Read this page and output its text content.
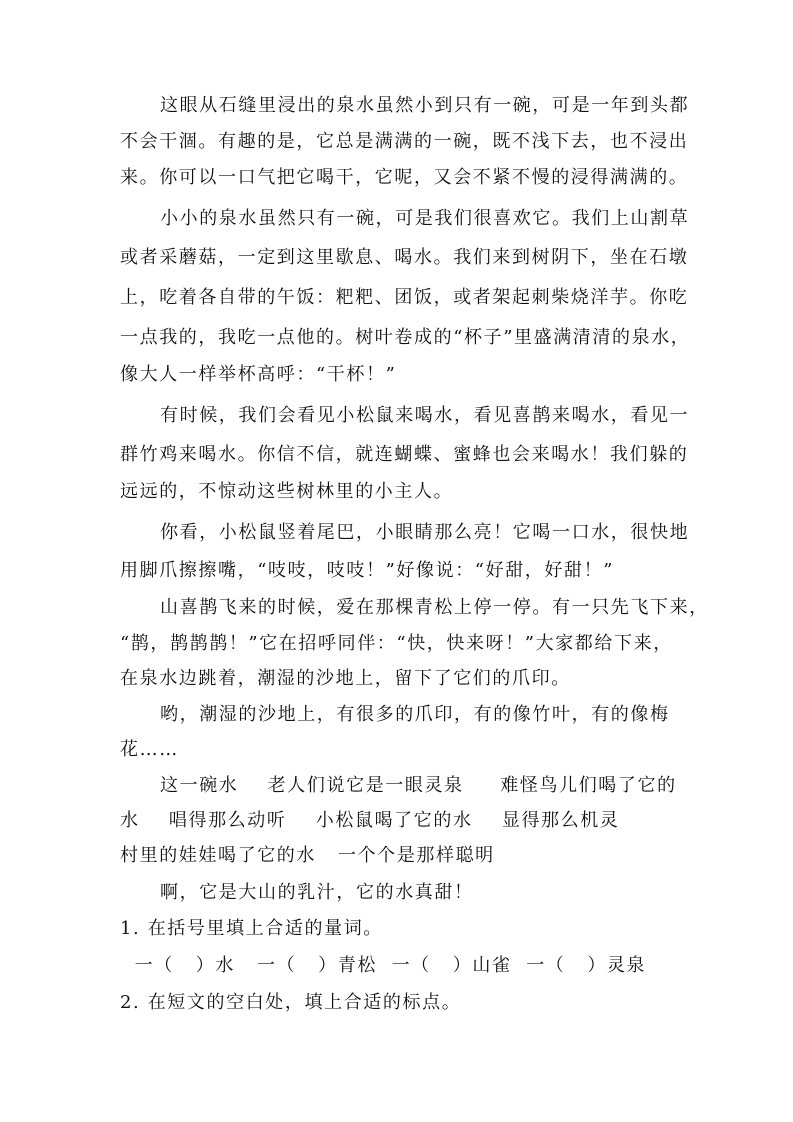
这眼从石缝里浸出的泉水虽然小到只有一碗，可是一年到头都
不会干涸。有趣的是，它总是满满的一碗，既不浅下去，也不浸出
来。你可以一口气把它喝干，它呢，又会不紧不慢的浸得满满的。
小小的泉水虽然只有一碗，可是我们很喜欢它。我们上山割草
或者采蘑菇，一定到这里歇息、喝水。我们来到树阴下，坐在石墩
上，吃着各自带的午饭：粑粑、团饭，或者架起刺柴烧洋芋。你吃
一点我的，我吃一点他的。树叶卷成的“杯子”里盛满清清的泉水，
像大人一样举杯高呼：“干杯！”
有时候，我们会看见小松鼠来喝水，看见喜鹊来喝水，看见一
群竹鸡来喝水。你信不信，就连蝴蝶、蜜蜂也会来喝水！我们躲的
远远的，不惊动这些树林里的小主人。
你看，小松鼠竖着尾巴，小眼睛那么亮！它喝一口水，很快地
用脚爪擦擦嘴，“吱吱，吱吱！”好像说：“好甜，好甜！”
山喜鹊飞来的时候，爱在那棵青松上停一停。有一只先飞下来，
“鹊，鹊鹊鹊！”它在招呼同伴：“快，快来呀！”大家都给下来，
在泉水边跳着，潮湿的沙地上，留下了它们的爪印。
哟，潮湿的沙地上，有很多的爪印，有的像竹叶，有的像梅
花……
这一碗水    老人们说它是一眼灵泉     难怪鸟儿们喝了它的
水    唱得那么动听    小松鼠喝了它的水    显得那么机灵
村里的娃娃喝了它的水   一个个是那样聪明
啊，它是大山的乳汁，它的水真甜！
1. 在括号里填上合适的量词。
一（   ）水   一（   ）青松  一（   ）山雀  一（   ）灵泉
2. 在短文的空白处，填上合适的标点。
